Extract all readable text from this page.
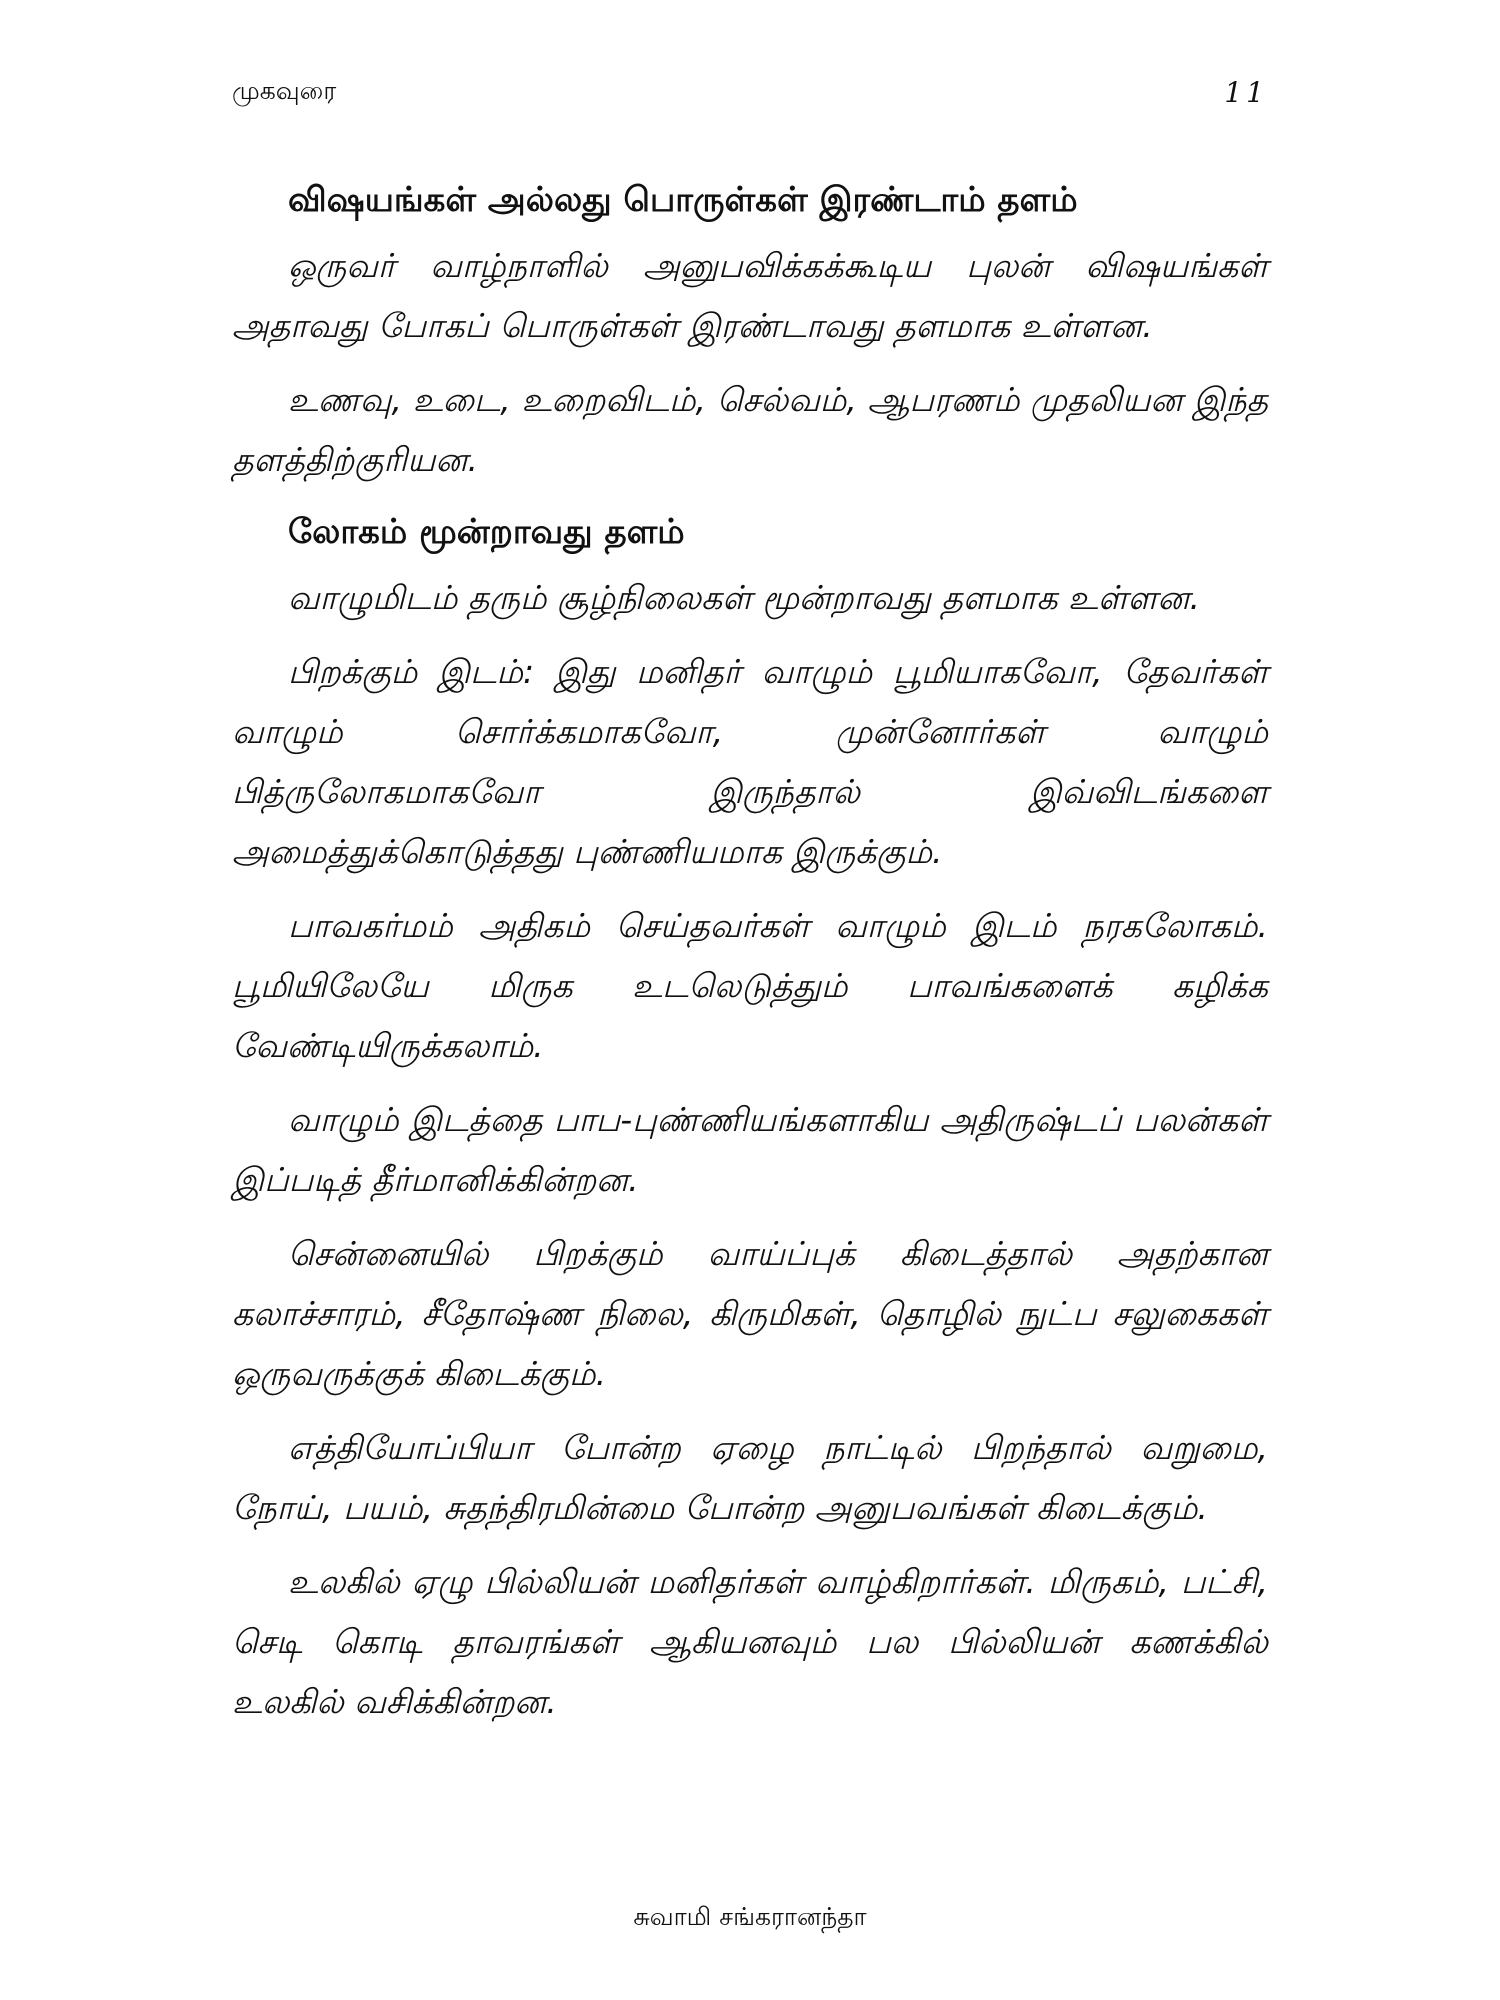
முகவுரை	11
விஷயங்கள் அல்லது பொருள்கள் இரண்டாம் தளம்

ஒருவர் வாழ்நாளில் அனுபவிக்கக்கூடிய புலன் விஷயங்கள் அதாவது போகப் பொருள்கள் இரண்டாவது தளமாக உள்ளன.

உணவு, உடை, உறைவிடம், செல்வம், ஆபரணம் முதலியன இந்த தளத்திற்குரியன.

லோகம் மூன்றாவது தளம்

வாழுமிடம் தரும் சூழ்நிலைகள் மூன்றாவது தளமாக உள்ளன.

பிறக்கும் இடம்: இது மனிதர் வாழும் பூமியாகவோ, தேவர்கள் வாழும் சொர்க்கமாகவோ, முன்னோர்கள் வாழும் பித்ருலோகமாகவோ இருந்தால் இவ்விடங்களை அமைத்துக்கொடுத்தது புண்ணியமாக இருக்கும்.

பாவகர்மம் அதிகம் செய்தவர்கள் வாழும் இடம் நரகலோகம். பூமியிலேயே மிருக உடலெடுத்தும் பாவங்களைக் கழிக்க வேண்டியிருக்கலாம்.

வாழும் இடத்தை பாப-புண்ணியங்களாகிய அதிருஷ்டப் பலன்கள் இப்படித் தீர்மானிக்கின்றன.

சென்னையில் பிறக்கும் வாய்ப்புக் கிடைத்தால் அதற்கான கலாச்சாரம், சீதோஷ்ண நிலை, கிருமிகள், தொழில் நுட்ப சலுகைகள் ஒருவருக்குக் கிடைக்கும்.

எத்தியோப்பியா போன்ற ஏழை நாட்டில் பிறந்தால் வறுமை, நோய், பயம், சுதந்திரமின்மை போன்ற அனுபவங்கள் கிடைக்கும்.

உலகில் ஏழு பில்லியன் மனிதர்கள் வாழ்கிறார்கள். மிருகம், பட்சி, செடி கொடி தாவரங்கள் ஆகியனவும் பல பில்லியன் கணக்கில் உலகில் வசிக்கின்றன.

சுவாமி சங்கரானந்தா
